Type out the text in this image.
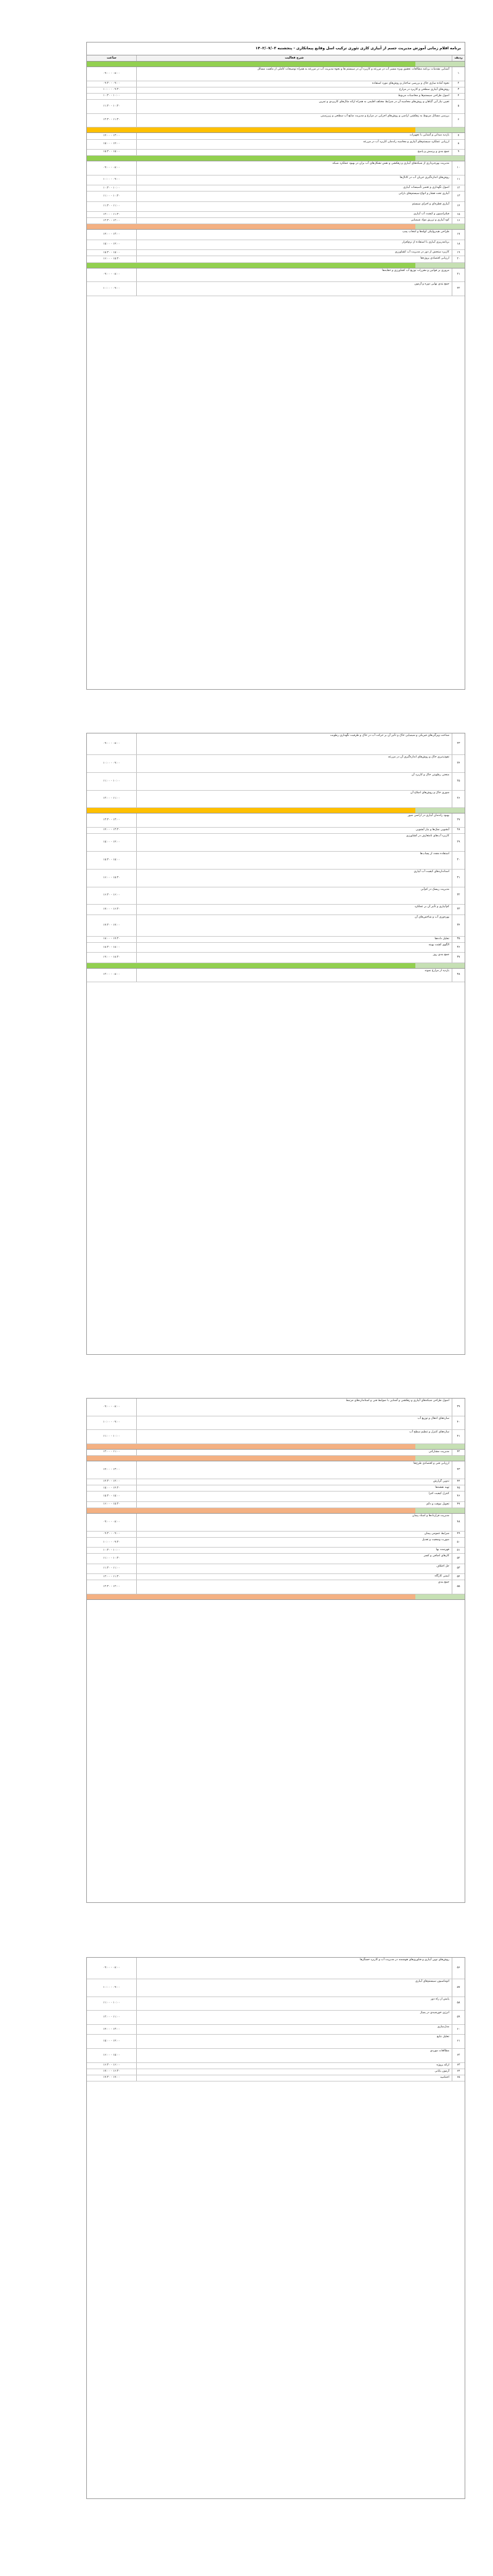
برنامه اقلام زمانی آموزش مدیریت جسم از آبیاری کاری تئوری ترکیب اسل وقایع پیمانکاری - پنجشنبه ۱۴۰۲/۰۷/۰۳
ردیف
شرح فعالیت
ساعت
۱
آشنایی مقدمات برنامه مطالعات تحقیق ویژه مسیر آب در مزرعه و کاربرد آن در سیستم ها و نحوه مدیریت آب در مزرعه به همراه توضیحات کاملی از ماهیت مسائل
۰۸:۰۰ - ۰۹:۰۰
۲
نحوه آماده سازی خاک و بررسی ساختار و روش‌های مورد استفاده
۰۹:۰۰ - ۰۹:۳۰
۳
روش‌های آبیاری سطحی و کاربرد در مزارع
۰۹:۳۰ - ۱۰:۰۰
۴
اصول طراحی سیستم‌ها و محاسبات مربوط
۱۰:۰۰ - ۱۰:۳۰
۵
تعیین نیاز آبی گیاهان و روش‌های محاسبه آن در شرایط مختلف اقلیمی به همراه ارائه مثال‌های کاربردی و تمرین
۱۰:۳۰ - ۱۱:۳۰
۶
بررسی مسائل مربوط به زهکشی اراضی و روش‌های اجرایی در مزارع و مدیریت منابع آب سطحی و زیرزمینی
۱۱:۳۰ - ۱۲:۳۰
۷
بازدید میدانی و آشنایی با تجهیزات
۱۳:۰۰ - ۱۴:۰۰
۸
ارزیابی عملکرد سیستم‌های آبیاری و محاسبه راندمان کاربرد آب در مزرعه
۱۴:۰۰ - ۱۵:۰۰
۹
جمع بندی و پرسش و پاسخ
۱۵:۰۰ - ۱۵:۳۰
۱۰
مدیریت بهره‌برداری از شبکه‌های آبیاری و زهکشی و نقش تشکل‌های آب بران در بهبود عملکرد شبکه
۰۸:۰۰ - ۰۹:۰۰
۱۱
روش‌های اندازه‌گیری جریان آب در کانال‌ها
۰۹:۰۰ - ۱۰:۰۰
۱۲
اصول نگهداری و تعمیر تأسیسات آبیاری
۱۰:۰۰ - ۱۰:۳۰
۱۳
آبیاری تحت فشار و انواع سیستم‌های بارانی
۱۰:۳۰ - ۱۱:۰۰
۱۴
آبیاری قطره‌ای و اجزای سیستم
۱۱:۰۰ - ۱۱:۳۰
۱۵
فیلتراسیون و کیفیت آب آبیاری
۱۱:۳۰ - ۱۲:۰۰
۱۶
کود آبیاری و تزریق مواد شیمیایی
۱۲:۰۰ - ۱۲:۳۰
۱۷
طراحی هیدرولیکی لوله‌ها و انتخاب پمپ
۱۳:۰۰ - ۱۴:۰۰
۱۸
برنامه‌ریزی آبیاری با استفاده از نرم‌افزار
۱۴:۰۰ - ۱۵:۰۰
۱۹
کاربرد سنجش از دور در مدیریت آب کشاورزی
۱۵:۰۰ - ۱۵:۳۰
۲۰
ارزیابی اقتصادی پروژه‌ها
۱۵:۳۰ - ۱۶:۰۰
۲۱
مروری بر قوانین و مقررات توزیع آب کشاورزی و حقابه‌ها
۰۸:۰۰ - ۰۹:۰۰
۲۲
جمع بندی نهایی دوره و آزمون
۰۹:۰۰ - ۱۰:۰۰
۲۳
شناخت ویژگی‌های فیزیکی و شیمیایی خاک و تأثیر آن بر حرکت آب در خاک و ظرفیت نگهداری رطوبت
۰۸:۰۰ - ۰۹:۰۰
۲۴
نفوذپذیری خاک و روش‌های اندازه‌گیری آن در مزرعه
۰۹:۰۰ - ۱۰:۰۰
۲۵
منحنی رطوبتی خاک و کاربرد آن
۱۰:۰۰ - ۱۱:۰۰
۲۶
شوری خاک و روش‌های اصلاح آن
۱۱:۰۰ - ۱۲:۰۰
۲۷
بهبود راندمان آبیاری در اراضی شور
۱۳:۰۰ - ۱۳:۳۰
۲۸
آبشویی نمک‌ها و نیاز آبشویی
۱۳:۳۰ - ۱۴:۰۰
۲۹
کاربرد آب‌های نامتعارف در کشاورزی
۱۴:۰۰ - ۱۵:۰۰
۳۰
استفاده مجدد از پساب‌ها
۱۵:۰۰ - ۱۵:۳۰
۳۱
استانداردهای کیفیت آب آبیاری
۱۵:۳۰ - ۱۶:۰۰
۳۲
مدیریت ریسک در کم‌آبی
۱۶:۰۰ - ۱۶:۳۰
۳۳
کم‌آبیاری و تأثیر آن بر عملکرد
۱۶:۳۰ - ۱۷:۰۰
۳۴
بهره‌وری آب و شاخص‌های آن
۱۷:۰۰ - ۱۷:۳۰
۳۵
تحلیل داده‌ها
۱۷:۳۰ - ۱۸:۰۰
۳۶
الگوی کشت بهینه
۱۸:۰۰ - ۱۸:۳۰
۳۷
جمع بندی روز
۱۸:۳۰ - ۱۹:۰۰
۳۸
بازدید از مزارع نمونه
۰۸:۰۰ - ۱۲:۰۰
۳۹
اصول طراحی شبکه‌های آبیاری و زهکشی و آشنایی با ضوابط فنی و استانداردهای مرتبط
۰۸:۰۰ - ۰۹:۰۰
۴۰
سازه‌های انتقال و توزیع آب
۰۹:۰۰ - ۱۰:۰۰
۴۱
سازه‌های کنترل و تنظیم سطح آب
۱۰:۰۰ - ۱۱:۰۰
۴۲
مدیریت مشارکتی
۱۱:۰۰ - ۱۲:۰۰
۴۳
ارزیابی فنی و اقتصادی طرح‌ها
۱۳:۰۰ - ۱۴:۰۰
۴۴
تدوین گزارش
۱۴:۰۰ - ۱۴:۳۰
۴۵
تهیه نقشه‌ها
۱۴:۳۰ - ۱۵:۰۰
۴۶
کنترل کیفیت اجرا
۱۵:۰۰ - ۱۵:۳۰
۴۷
تحویل موقت و دائم
۱۵:۳۰ - ۱۶:۰۰
۴۸
مدیریت قراردادها و اسناد پیمان
۰۸:۰۰ - ۰۹:۰۰
۴۹
شرایط عمومی پیمان
۰۹:۰۰ - ۰۹:۳۰
۵۰
صورت وضعیت و تعدیل
۰۹:۳۰ - ۱۰:۰۰
۵۱
فهرست بها
۱۰:۰۰ - ۱۰:۳۰
۵۲
کارهای اضافی و کسر
۱۰:۳۰ - ۱۱:۰۰
۵۳
حل اختلاف
۱۱:۰۰ - ۱۱:۳۰
۵۴
ایمنی کارگاه
۱۱:۳۰ - ۱۲:۰۰
۵۵
جمع بندی
۱۲:۰۰ - ۱۲:۳۰
۵۶
روش‌های نوین آبیاری و فناوری‌های هوشمند در مدیریت آب و کاربرد حسگرها
۰۸:۰۰ - ۰۹:۰۰
۵۷
اتوماسیون سیستم‌های آبیاری
۰۹:۰۰ - ۱۰:۰۰
۵۸
پایش از راه دور
۱۰:۰۰ - ۱۱:۰۰
۵۹
انرژی خورشیدی در پمپاژ
۱۱:۰۰ - ۱۲:۰۰
۶۰
مدل‌سازی
۱۳:۰۰ - ۱۴:۰۰
۶۱
تحلیل نتایج
۱۴:۰۰ - ۱۵:۰۰
۶۲
مطالعات موردی
۱۵:۰۰ - ۱۶:۰۰
۶۳
ارائه پروژه
۱۶:۰۰ - ۱۶:۳۰
۶۴
آزمون پایانی
۱۶:۳۰ - ۱۷:۰۰
۶۵
اختتامیه
۱۷:۰۰ - ۱۷:۳۰
